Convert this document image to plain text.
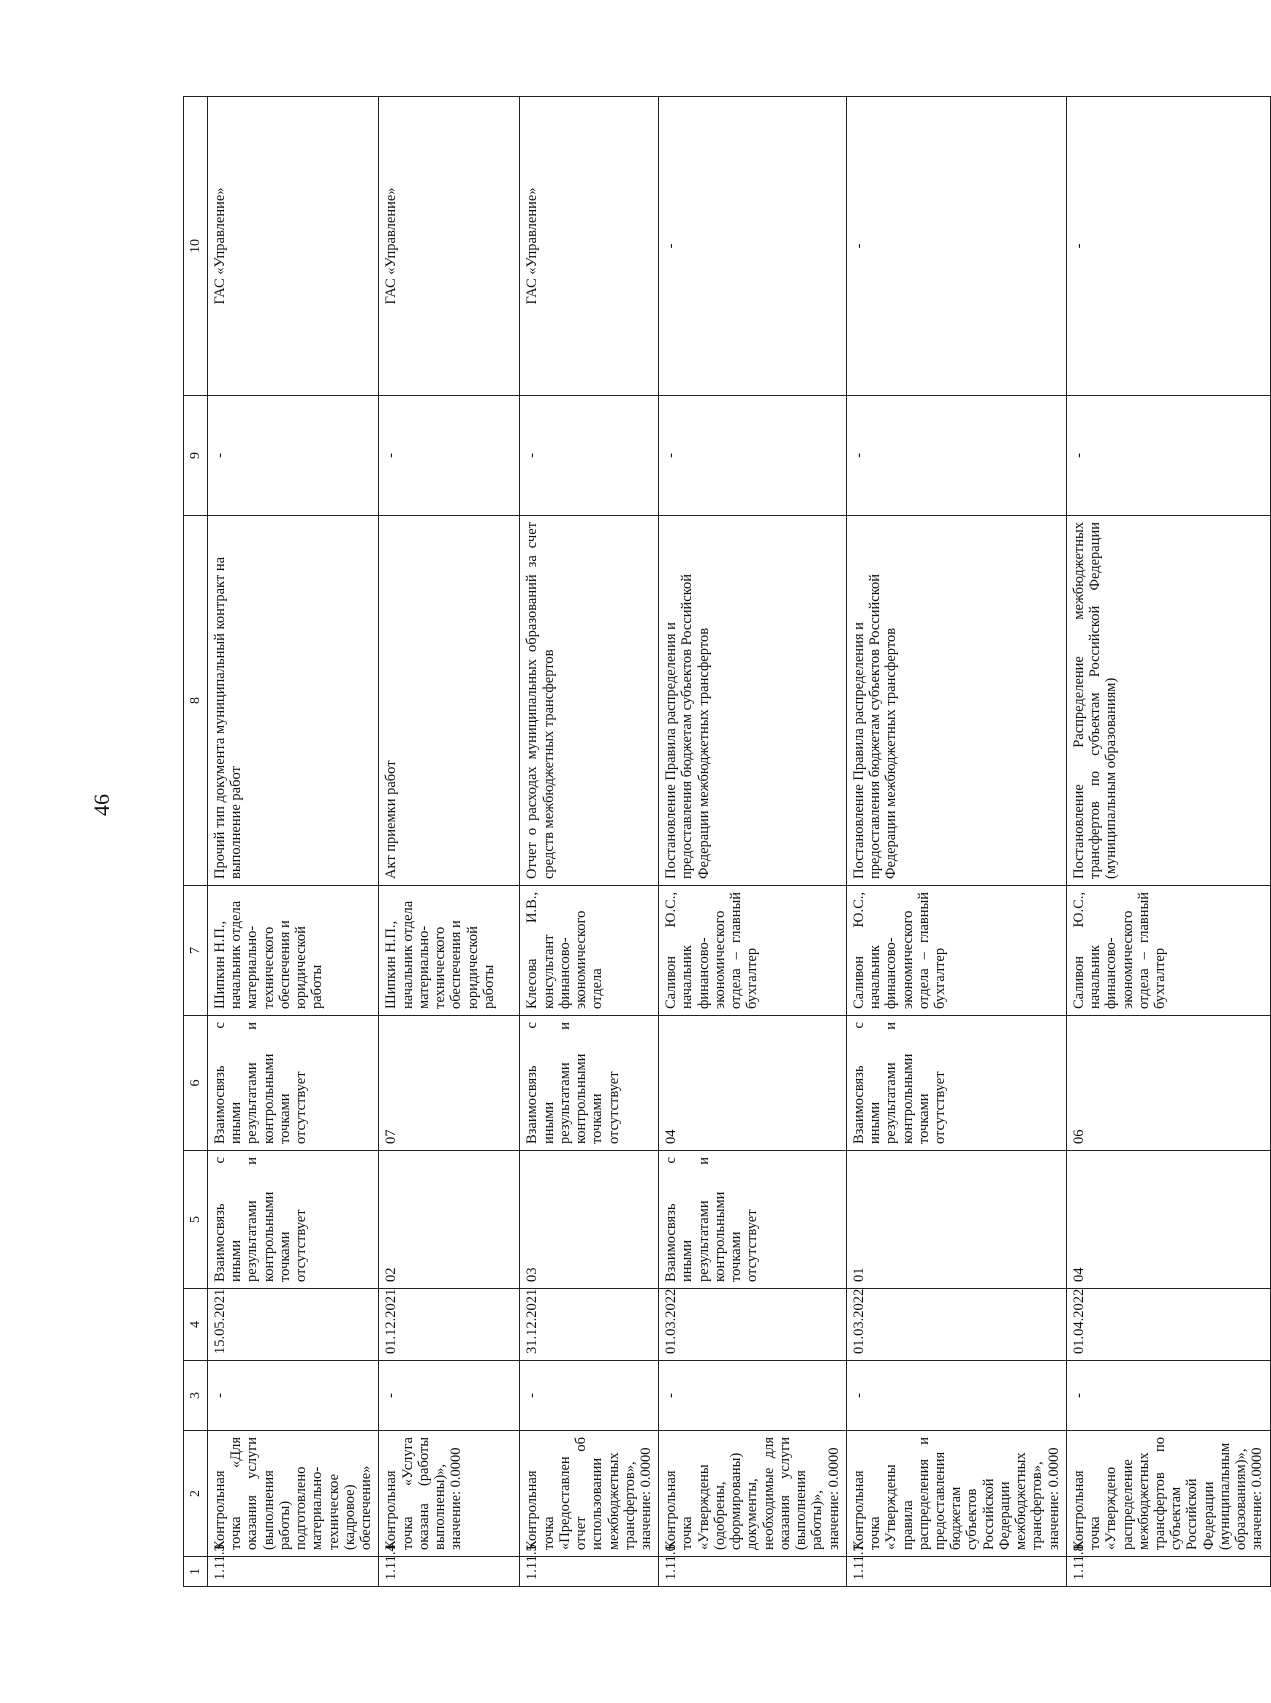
46
1	2	3	4	5	6	7	8	9	10
1.11.3	Контрольная точка «Для оказания услуги (выполнения работы) подготовлено материально-техническое (кадровое) обеспечение»	-	15.05.2021	Взаимосвязь с иными результатами и контрольными точками отсутствует	Взаимосвязь с иными результатами и контрольными точками отсутствует	Шипкин Н.П., начальник отдела материально-технического обеспечения и юридической работы	Прочий тип документа муниципальный контракт на выполнение работ	-	ГАС «Управление»
1.11.4	Контрольная точка «Услуга оказана (работы выполнены)», значение: 0.0000	-	01.12.2021	02	07	Шипкин Н.П., начальник отдела материально-технического обеспечения и юридической работы	Акт приемки работ	-	ГАС «Управление»
1.11.5	Контрольная точка «Предоставлен отчет об использовании межбюджетных трансфертов», значение: 0.0000	-	31.12.2021	03	Взаимосвязь с иными результатами и контрольными точками отсутствует	Клесова И.В., консультант финансово-экономического отдела	Отчет о расходах муниципальных образований за счет средств межбюджетных трансфертов	-	ГАС «Управление»
1.11.6	Контрольная точка «Утверждены (одобрены, сформированы) документы, необходимые для оказания услуги (выполнения работы)», значение: 0.0000	-	01.03.2022	Взаимосвязь с иными результатами и контрольными точками отсутствует	04	Саливон Ю.С., начальник финансово-экономического отдела – главный бухгалтер	Постановление Правила распределения и предоставления бюджетам субъектов Российской Федерации межбюджетных трансфертов	-	-
1.11.7	Контрольная точка «Утверждены правила распределения и предоставления бюджетам субъектов Российской Федерации межбюджетных трансфертов», значение: 0.0000	-	01.03.2022	01	Взаимосвязь с иными результатами и контрольными точками отсутствует	Саливон Ю.С., начальник финансово-экономического отдела – главный бухгалтер	Постановление Правила распределения и предоставления бюджетам субъектов Российской Федерации межбюджетных трансфертов	-	-
1.11.8	Контрольная точка «Утверждено распределение межбюджетных трансфертов по субъектам Российской Федерации (муниципальным образованиям)», значение: 0.0000	-	01.04.2022	04	06	Саливон Ю.С., начальник финансово-экономического отдела – главный бухгалтер	Постановление Распределение межбюджетных трансфертов по субъектам Российской Федерации (муниципальным образованиям)	-	-
